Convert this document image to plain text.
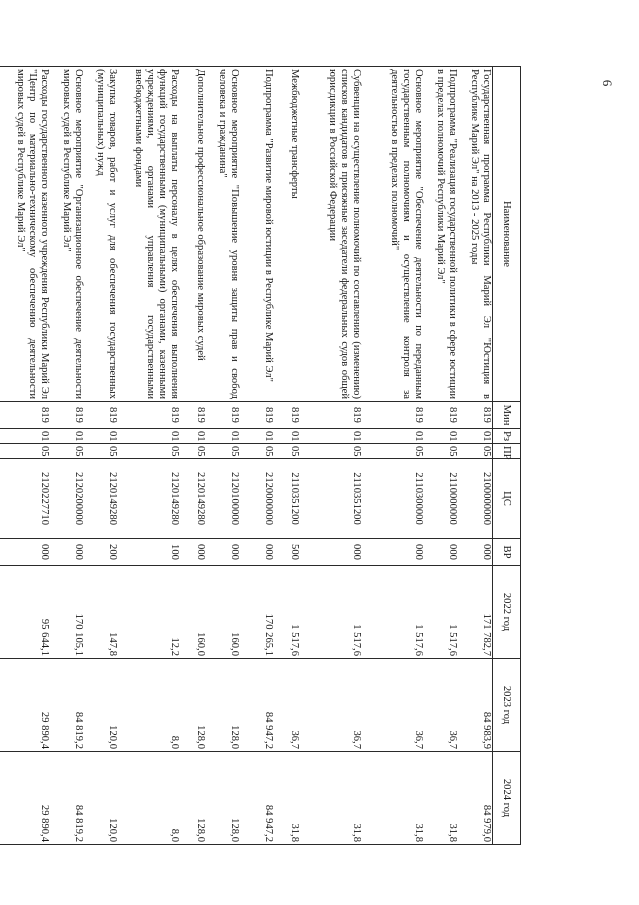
6
Наименование	Мин	Рз	ПР	ЦС	ВР	2022 год	2023 год	2024 год
Государственная программа Республики Марий Эл "Юстиция в Республике Марий Эл" на 2013 - 2025 годы	819	01	05	2100000000	000	171 782,7	84 983,9	84 979,0
Подпрограмма "Реализация государственной политики в сфере юстиции в пределах полномочий Республики Марий Эл"	819	01	05	2110000000	000	1 517,6	36,7	31,8
Основное мероприятие "Обеспечение деятельности по переданным государственным полномочиям и осуществление контроля за деятельностью в пределах полномочий"	819	01	05	2110300000	000	1 517,6	36,7	31,8
Субвенции на осуществление полномочий по составлению (изменению) списков кандидатов в присяжные заседатели федеральных судов общей юрисдикции в Российской Федерации	819	01	05	2110351200	000	1 517,6	36,7	31,8
Межбюджетные трансферты	819	01	05	2110351200	500	1 517,6	36,7	31,8
Подпрограмма "Развитие мировой юстиции в Республике Марий Эл"	819	01	05	2120000000	000	170 265,1	84 947,2	84 947,2
Основное мероприятие "Повышение уровня защиты прав и свобод человека и гражданина"	819	01	05	2120100000	000	160,0	128,0	128,0
Дополнительное профессиональное образование мировых судей	819	01	05	2120149280	000	160,0	128,0	128,0
Расходы на выплаты персоналу в целях обеспечения выполнения функций государственными (муниципальными) органами, казенными учреждениями, органами управления государственными внебюджетными фондами	819	01	05	2120149280	100	12,2	8,0	8,0
Закупка товаров, работ и услуг для обеспечения государственных (муниципальных) нужд	819	01	05	2120149280	200	147,8	120,0	120,0
Основное мероприятие "Организационное обеспечение деятельности мировых судей в Республике Марий Эл"	819	01	05	2120200000	000	170 105,1	84 819,2	84 819,2
Расходы государственного казенного учреждения Республики Марий Эл "Центр по материально-техническому обеспечению деятельности мировых судей в Республике Марий Эл"	819	01	05	2120227710	000	95 644,1	29 890,4	29 890,4
